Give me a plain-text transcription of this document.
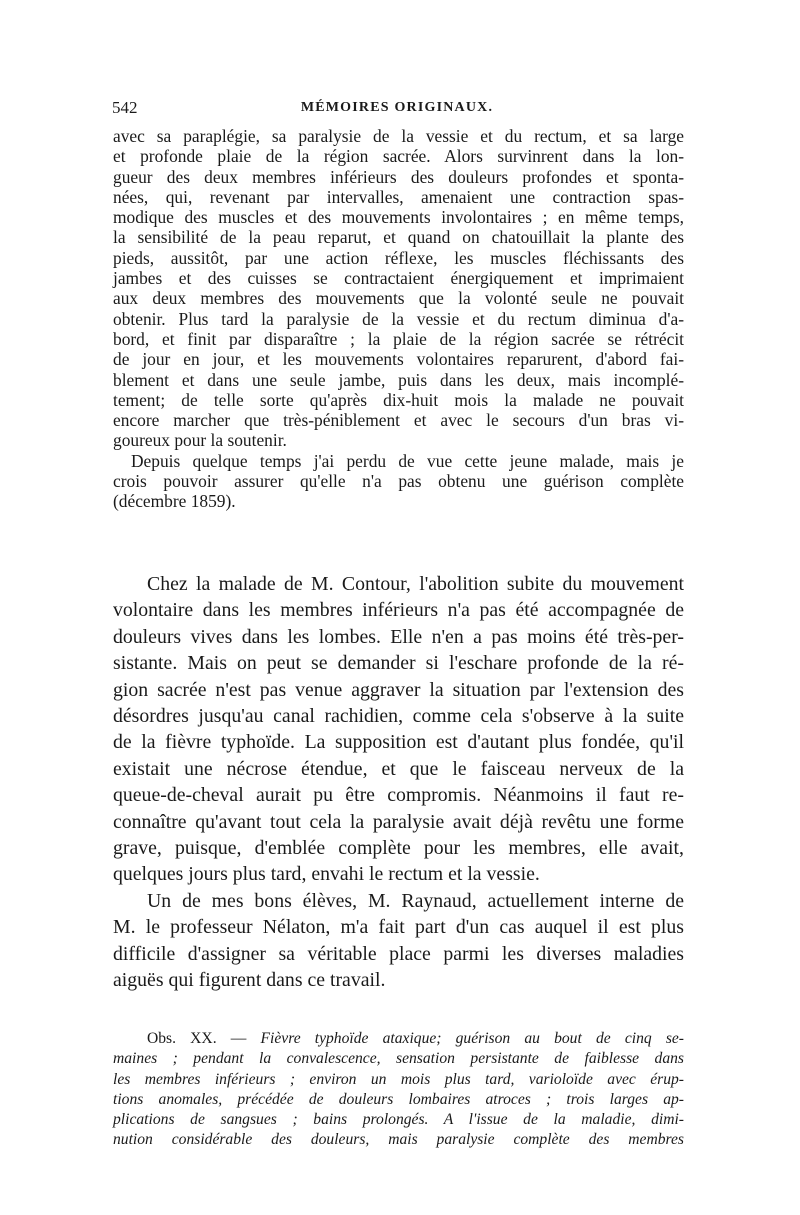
542	MÉMOIRES ORIGINAUX.
avec sa paraplégie, sa paralysie de la vessie et du rectum, et sa large
et profonde plaie de la région sacrée. Alors survinrent dans la lon-
gueur des deux membres inférieurs des douleurs profondes et sponta-
nées, qui, revenant par intervalles, amenaient une contraction spas-
modique des muscles et des mouvements involontaires ; en même temps,
la sensibilité de la peau reparut, et quand on chatouillait la plante des
pieds, aussitôt, par une action réflexe, les muscles fléchissants des
jambes et des cuisses se contractaient énergiquement et imprimaient
aux deux membres des mouvements que la volonté seule ne pouvait
obtenir. Plus tard la paralysie de la vessie et du rectum diminua d'a-
bord, et finit par disparaître ; la plaie de la région sacrée se rétrécit
de jour en jour, et les mouvements volontaires reparurent, d'abord fai-
blement et dans une seule jambe, puis dans les deux, mais incomplé-
tement; de telle sorte qu'après dix-huit mois la malade ne pouvait
encore marcher que très-péniblement et avec le secours d'un bras vi-
goureux pour la soutenir.
Depuis quelque temps j'ai perdu de vue cette jeune malade, mais je
crois pouvoir assurer qu'elle n'a pas obtenu une guérison complète
(décembre 1859).
Chez la malade de M. Contour, l'abolition subite du mouvement
volontaire dans les membres inférieurs n'a pas été accompagnée de
douleurs vives dans les lombes. Elle n'en a pas moins été très-per-
sistante. Mais on peut se demander si l'eschare profonde de la ré-
gion sacrée n'est pas venue aggraver la situation par l'extension des
désordres jusqu'au canal rachidien, comme cela s'observe à la suite
de la fièvre typhoïde. La supposition est d'autant plus fondée, qu'il
existait une nécrose étendue, et que le faisceau nerveux de la
queue-de-cheval aurait pu être compromis. Néanmoins il faut re-
connaître qu'avant tout cela la paralysie avait déjà revêtu une forme
grave, puisque, d'emblée complète pour les membres, elle avait,
quelques jours plus tard, envahi le rectum et la vessie.
Un de mes bons élèves, M. Raynaud, actuellement interne de
M. le professeur Nélaton, m'a fait part d'un cas auquel il est plus
difficile d'assigner sa véritable place parmi les diverses maladies
aiguës qui figurent dans ce travail.
Obs. XX. — Fièvre typhoïde ataxique; guérison au bout de cinq se-
maines ; pendant la convalescence, sensation persistante de faiblesse dans
les membres inférieurs ; environ un mois plus tard, varioloïde avec érup-
tions anomales, précédée de douleurs lombaires atroces ; trois larges ap-
plications de sangsues ; bains prolongés. A l'issue de la maladie, dimi-
nution considérable des douleurs, mais paralysie complète des membres
